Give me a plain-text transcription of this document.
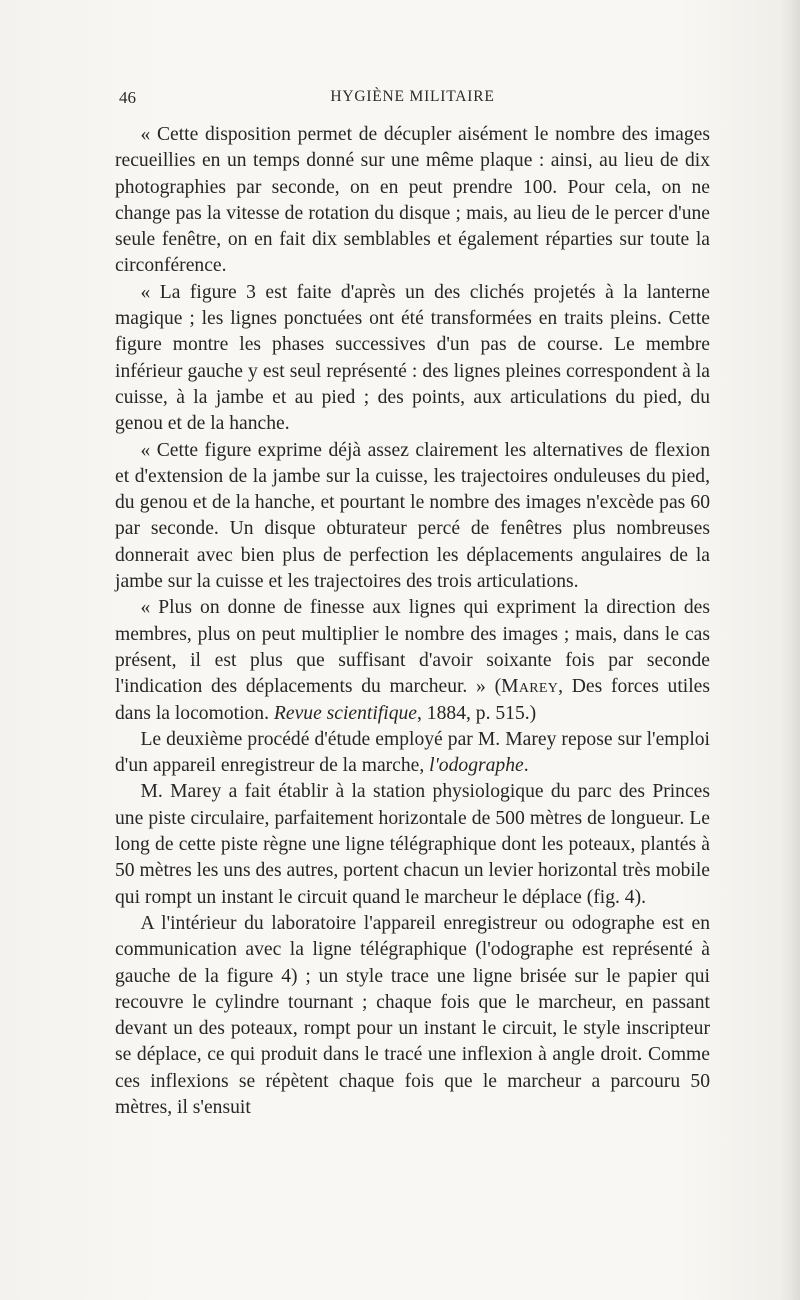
46	HYGIÈNE MILITAIRE

« Cette disposition permet de décupler aisément le nombre des images recueillies en un temps donné sur une même plaque : ainsi, au lieu de dix photographies par seconde, on en peut prendre 100. Pour cela, on ne change pas la vitesse de rotation du disque ; mais, au lieu de le percer d'une seule fenêtre, on en fait dix semblables et également réparties sur toute la circonférence.

« La figure 3 est faite d'après un des clichés projetés à la lanterne magique ; les lignes ponctuées ont été transformées en traits pleins. Cette figure montre les phases successives d'un pas de course. Le membre inférieur gauche y est seul représenté : des lignes pleines correspondent à la cuisse, à la jambe et au pied ; des points, aux articulations du pied, du genou et de la hanche.

« Cette figure exprime déjà assez clairement les alternatives de flexion et d'extension de la jambe sur la cuisse, les trajectoires onduleuses du pied, du genou et de la hanche, et pourtant le nombre des images n'excède pas 60 par seconde. Un disque obturateur percé de fenêtres plus nombreuses donnerait avec bien plus de perfection les déplacements angulaires de la jambe sur la cuisse et les trajectoires des trois articulations.

« Plus on donne de finesse aux lignes qui expriment la direction des membres, plus on peut multiplier le nombre des images ; mais, dans le cas présent, il est plus que suffisant d'avoir soixante fois par seconde l'indication des déplacements du marcheur. » (Marey, Des forces utiles dans la locomotion. Revue scientifique, 1884, p. 515.)

Le deuxième procédé d'étude employé par M. Marey repose sur l'emploi d'un appareil enregistreur de la marche, l'odographe.

M. Marey a fait établir à la station physiologique du parc des Princes une piste circulaire, parfaitement horizontale de 500 mètres de longueur. Le long de cette piste règne une ligne télégraphique dont les poteaux, plantés à 50 mètres les uns des autres, portent chacun un levier horizontal très mobile qui rompt un instant le circuit quand le marcheur le déplace (fig. 4).

A l'intérieur du laboratoire l'appareil enregistreur ou odographe est en communication avec la ligne télégraphique (l'odographe est représenté à gauche de la figure 4) ; un style trace une ligne brisée sur le papier qui recouvre le cylindre tournant ; chaque fois que le marcheur, en passant devant un des poteaux, rompt pour un instant le circuit, le style inscripteur se déplace, ce qui produit dans le tracé une inflexion à angle droit. Comme ces inflexions se répètent chaque fois que le marcheur a parcouru 50 mètres, il s'ensuit
